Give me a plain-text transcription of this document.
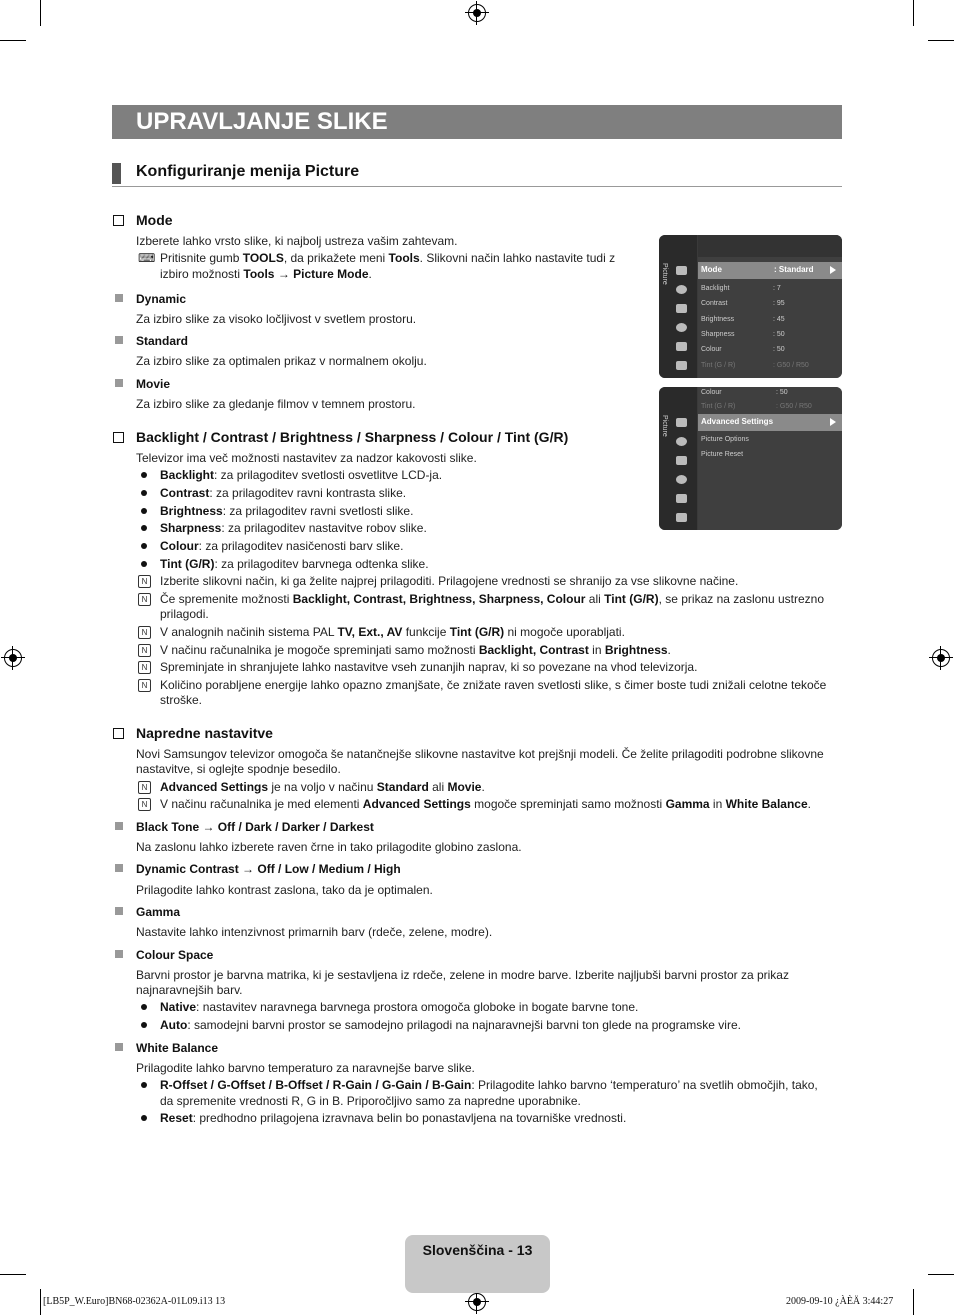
UPRAVLJANJE SLIKE
Konfiguriranje menija Picture
Mode
Izberete lahko vrsto slike, ki najbolj ustreza vašim zahtevam.
⌨ Pritisnite gumb TOOLS, da prikažete meni Tools. Slikovni način lahko nastavite tudi z
izbiro možnosti Tools → Picture Mode.
Dynamic
Za izbiro slike za visoko ločljivost v svetlem prostoru.
Standard
Za izbiro slike za optimalen prikaz v normalnem okolju.
Movie
Za izbiro slike za gledanje filmov v temnem prostoru.
Picture	Mode	: Standard
Backlight	: 7
Contrast	: 95
Brightness	: 45
Sharpness	: 50
Colour	: 50
Tint (G / R)	: G50 / R50
Picture
Colour	: 50
Tint (G / R)	: G50 / R50
Advanced Settings
Picture Options
Picture Reset
Backlight / Contrast / Brightness / Sharpness / Colour / Tint (G/R)
Televizor ima več možnosti nastavitev za nadzor kakovosti slike.
Backlight: za prilagoditev svetlosti osvetlitve LCD-ja.
Contrast: za prilagoditev ravni kontrasta slike.
Brightness: za prilagoditev ravni svetlosti slike.
Sharpness: za prilagoditev nastavitve robov slike.
Colour: za prilagoditev nasičenosti barv slike.
Tint (G/R): za prilagoditev barvnega odtenka slike.
N	Izberite slikovni način, ki ga želite najprej prilagoditi. Prilagojene vrednosti se shranijo za vse slikovne načine.
N	Če spremenite možnosti Backlight, Contrast, Brightness, Sharpness, Colour ali Tint (G/R), se prikaz na zaslonu ustrezno
prilagodi.
N	V analognih načinih sistema PAL TV, Ext., AV funkcije Tint (G/R) ni mogoče uporabljati.
N	V načinu računalnika je mogoče spreminjati samo možnosti Backlight, Contrast in Brightness.
N	Spreminjate in shranjujete lahko nastavitve vseh zunanjih naprav, ki so povezane na vhod televizorja.
N	Količino porabljene energije lahko opazno zmanjšate, če znižate raven svetlosti slike, s čimer boste tudi znižali celotne tekoče
stroške.
Napredne nastavitve
Novi Samsungov televizor omogoča še natančnejše slikovne nastavitve kot prejšnji modeli. Če želite prilagoditi podrobne slikovne
nastavitve, si oglejte spodnje besedilo.
N	Advanced Settings je na voljo v načinu Standard ali Movie.
N	V načinu računalnika je med elementi Advanced Settings mogoče spreminjati samo možnosti Gamma in White Balance.
Black Tone → Off / Dark / Darker / Darkest
Na zaslonu lahko izberete raven črne in tako prilagodite globino zaslona.
Dynamic Contrast → Off / Low / Medium / High
Prilagodite lahko kontrast zaslona, tako da je optimalen.
Gamma
Nastavite lahko intenzivnost primarnih barv (rdeče, zelene, modre).
Colour Space
Barvni prostor je barvna matrika, ki je sestavljena iz rdeče, zelene in modre barve. Izberite najljubši barvni prostor za prikaz
najnaravnejših barv.
Native: nastavitev naravnega barvnega prostora omogoča globoke in bogate barvne tone.
Auto: samodejni barvni prostor se samodejno prilagodi na najnaravnejši barvni ton glede na programske vire.
White Balance
Prilagodite lahko barvno temperaturo za naravnejše barve slike.
R-Offset / G-Offset / B-Offset / R-Gain / G-Gain / B-Gain: Prilagodite lahko barvno ‘temperaturo’ na svetlih območjih, tako,
da spremenite vrednosti R, G in B. Priporočljivo samo za napredne uporabnike.
Reset: predhodno prilagojena izravnava belin bo ponastavljena na tovarniške vrednosti.
Slovenščina - 13
[LB5P_W.Euro]BN68-02362A-01L09.i13 13	2009-09-10 ¿ÀÈÄ 3:44:27
